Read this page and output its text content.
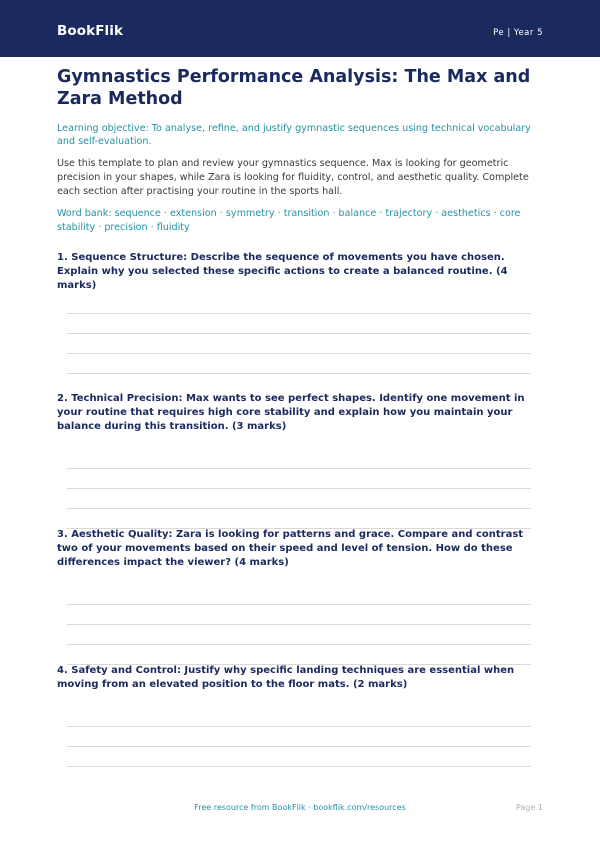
BookFlik	Pe | Year 5
Gymnastics Performance Analysis: The Max and Zara Method
Learning objective: To analyse, refine, and justify gymnastic sequences using technical vocabulary and self-evaluation.
Use this template to plan and review your gymnastics sequence. Max is looking for geometric precision in your shapes, while Zara is looking for fluidity, control, and aesthetic quality. Complete each section after practising your routine in the sports hall.
Word bank: sequence · extension · symmetry · transition · balance · trajectory · aesthetics · core stability · precision · fluidity
1. Sequence Structure: Describe the sequence of movements you have chosen. Explain why you selected these specific actions to create a balanced routine. (4 marks)
2. Technical Precision: Max wants to see perfect shapes. Identify one movement in your routine that requires high core stability and explain how you maintain your balance during this transition. (3 marks)
3. Aesthetic Quality: Zara is looking for patterns and grace. Compare and contrast two of your movements based on their speed and level of tension. How do these differences impact the viewer? (4 marks)
4. Safety and Control: Justify why specific landing techniques are essential when moving from an elevated position to the floor mats. (2 marks)
Free resource from BookFlik · bookflik.com/resources	Page 1
